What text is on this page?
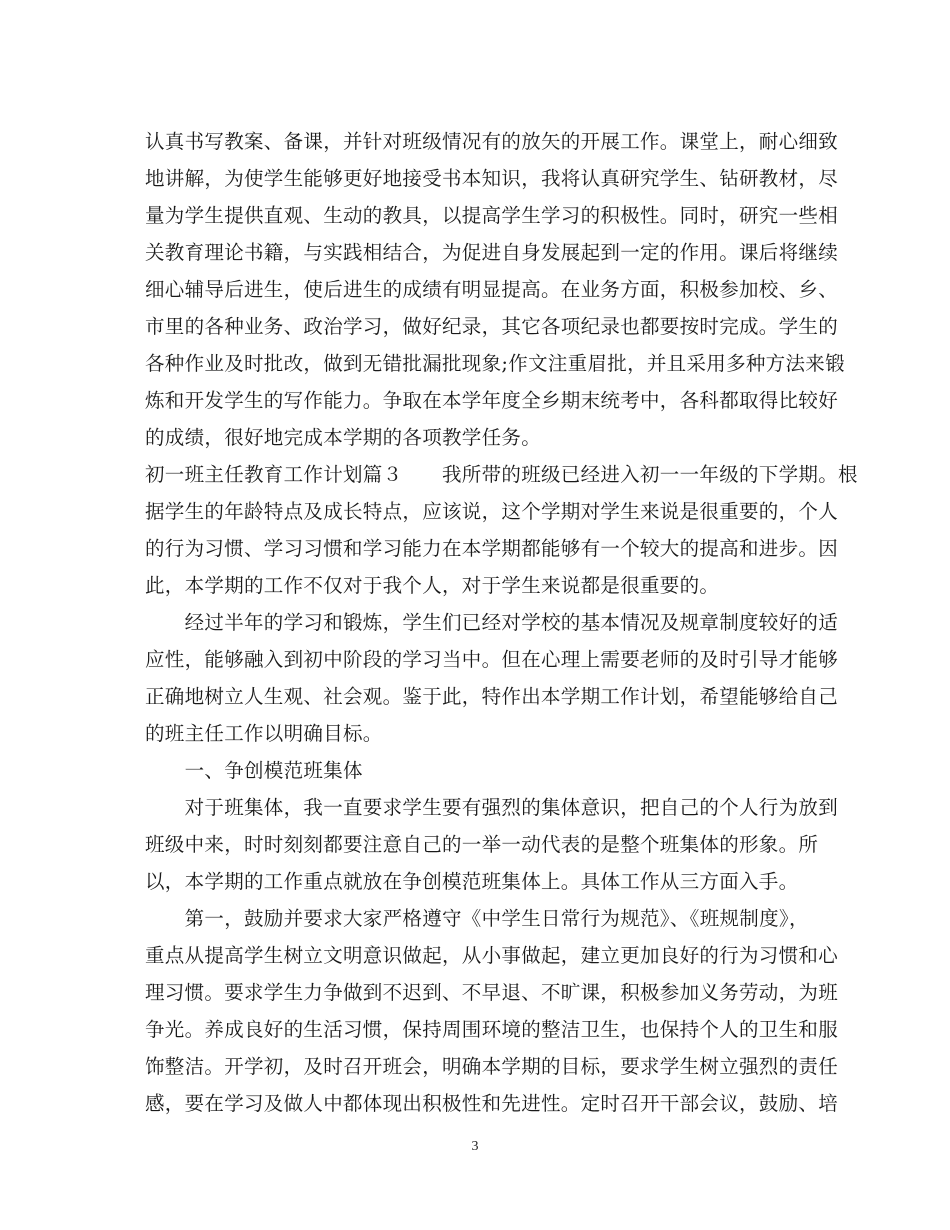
认真书写教案、备课，并针对班级情况有的放矢的开展工作。课堂上，耐心细致
地讲解，为使学生能够更好地接受书本知识，我将认真研究学生、钻研教材，尽
量为学生提供直观、生动的教具，以提高学生学习的积极性。同时，研究一些相
关教育理论书籍，与实践相结合，为促进自身发展起到一定的作用。课后将继续
细心辅导后进生，使后进生的成绩有明显提高。在业务方面，积极参加校、乡、
市里的各种业务、政治学习，做好纪录，其它各项纪录也都要按时完成。学生的
各种作业及时批改，做到无错批漏批现象;作文注重眉批，并且采用多种方法来锻
炼和开发学生的写作能力。争取在本学年度全乡期末统考中，各科都取得比较好
的成绩，很好地完成本学期的各项教学任务。
初一班主任教育工作计划篇３　　我所带的班级已经进入初一一年级的下学期。根
据学生的年龄特点及成长特点，应该说，这个学期对学生来说是很重要的，个人
的行为习惯、学习习惯和学习能力在本学期都能够有一个较大的提高和进步。因
此，本学期的工作不仅对于我个人，对于学生来说都是很重要的。
　　经过半年的学习和锻炼，学生们已经对学校的基本情况及规章制度较好的适
应性，能够融入到初中阶段的学习当中。但在心理上需要老师的及时引导才能够
正确地树立人生观、社会观。鉴于此，特作出本学期工作计划，希望能够给自己
的班主任工作以明确目标。
　　一、争创模范班集体
　　对于班集体，我一直要求学生要有强烈的集体意识，把自己的个人行为放到
班级中来，时时刻刻都要注意自己的一举一动代表的是整个班集体的形象。所
以，本学期的工作重点就放在争创模范班集体上。具体工作从三方面入手。
　　第一，鼓励并要求大家严格遵守《中学生日常行为规范》、《班规制度》，
重点从提高学生树立文明意识做起，从小事做起，建立更加良好的行为习惯和心
理习惯。要求学生力争做到不迟到、不早退、不旷课，积极参加义务劳动，为班
争光。养成良好的生活习惯，保持周围环境的整洁卫生，也保持个人的卫生和服
饰整洁。开学初，及时召开班会，明确本学期的目标，要求学生树立强烈的责任
感，要在学习及做人中都体现出积极性和先进性。定时召开干部会议，鼓励、培
3
